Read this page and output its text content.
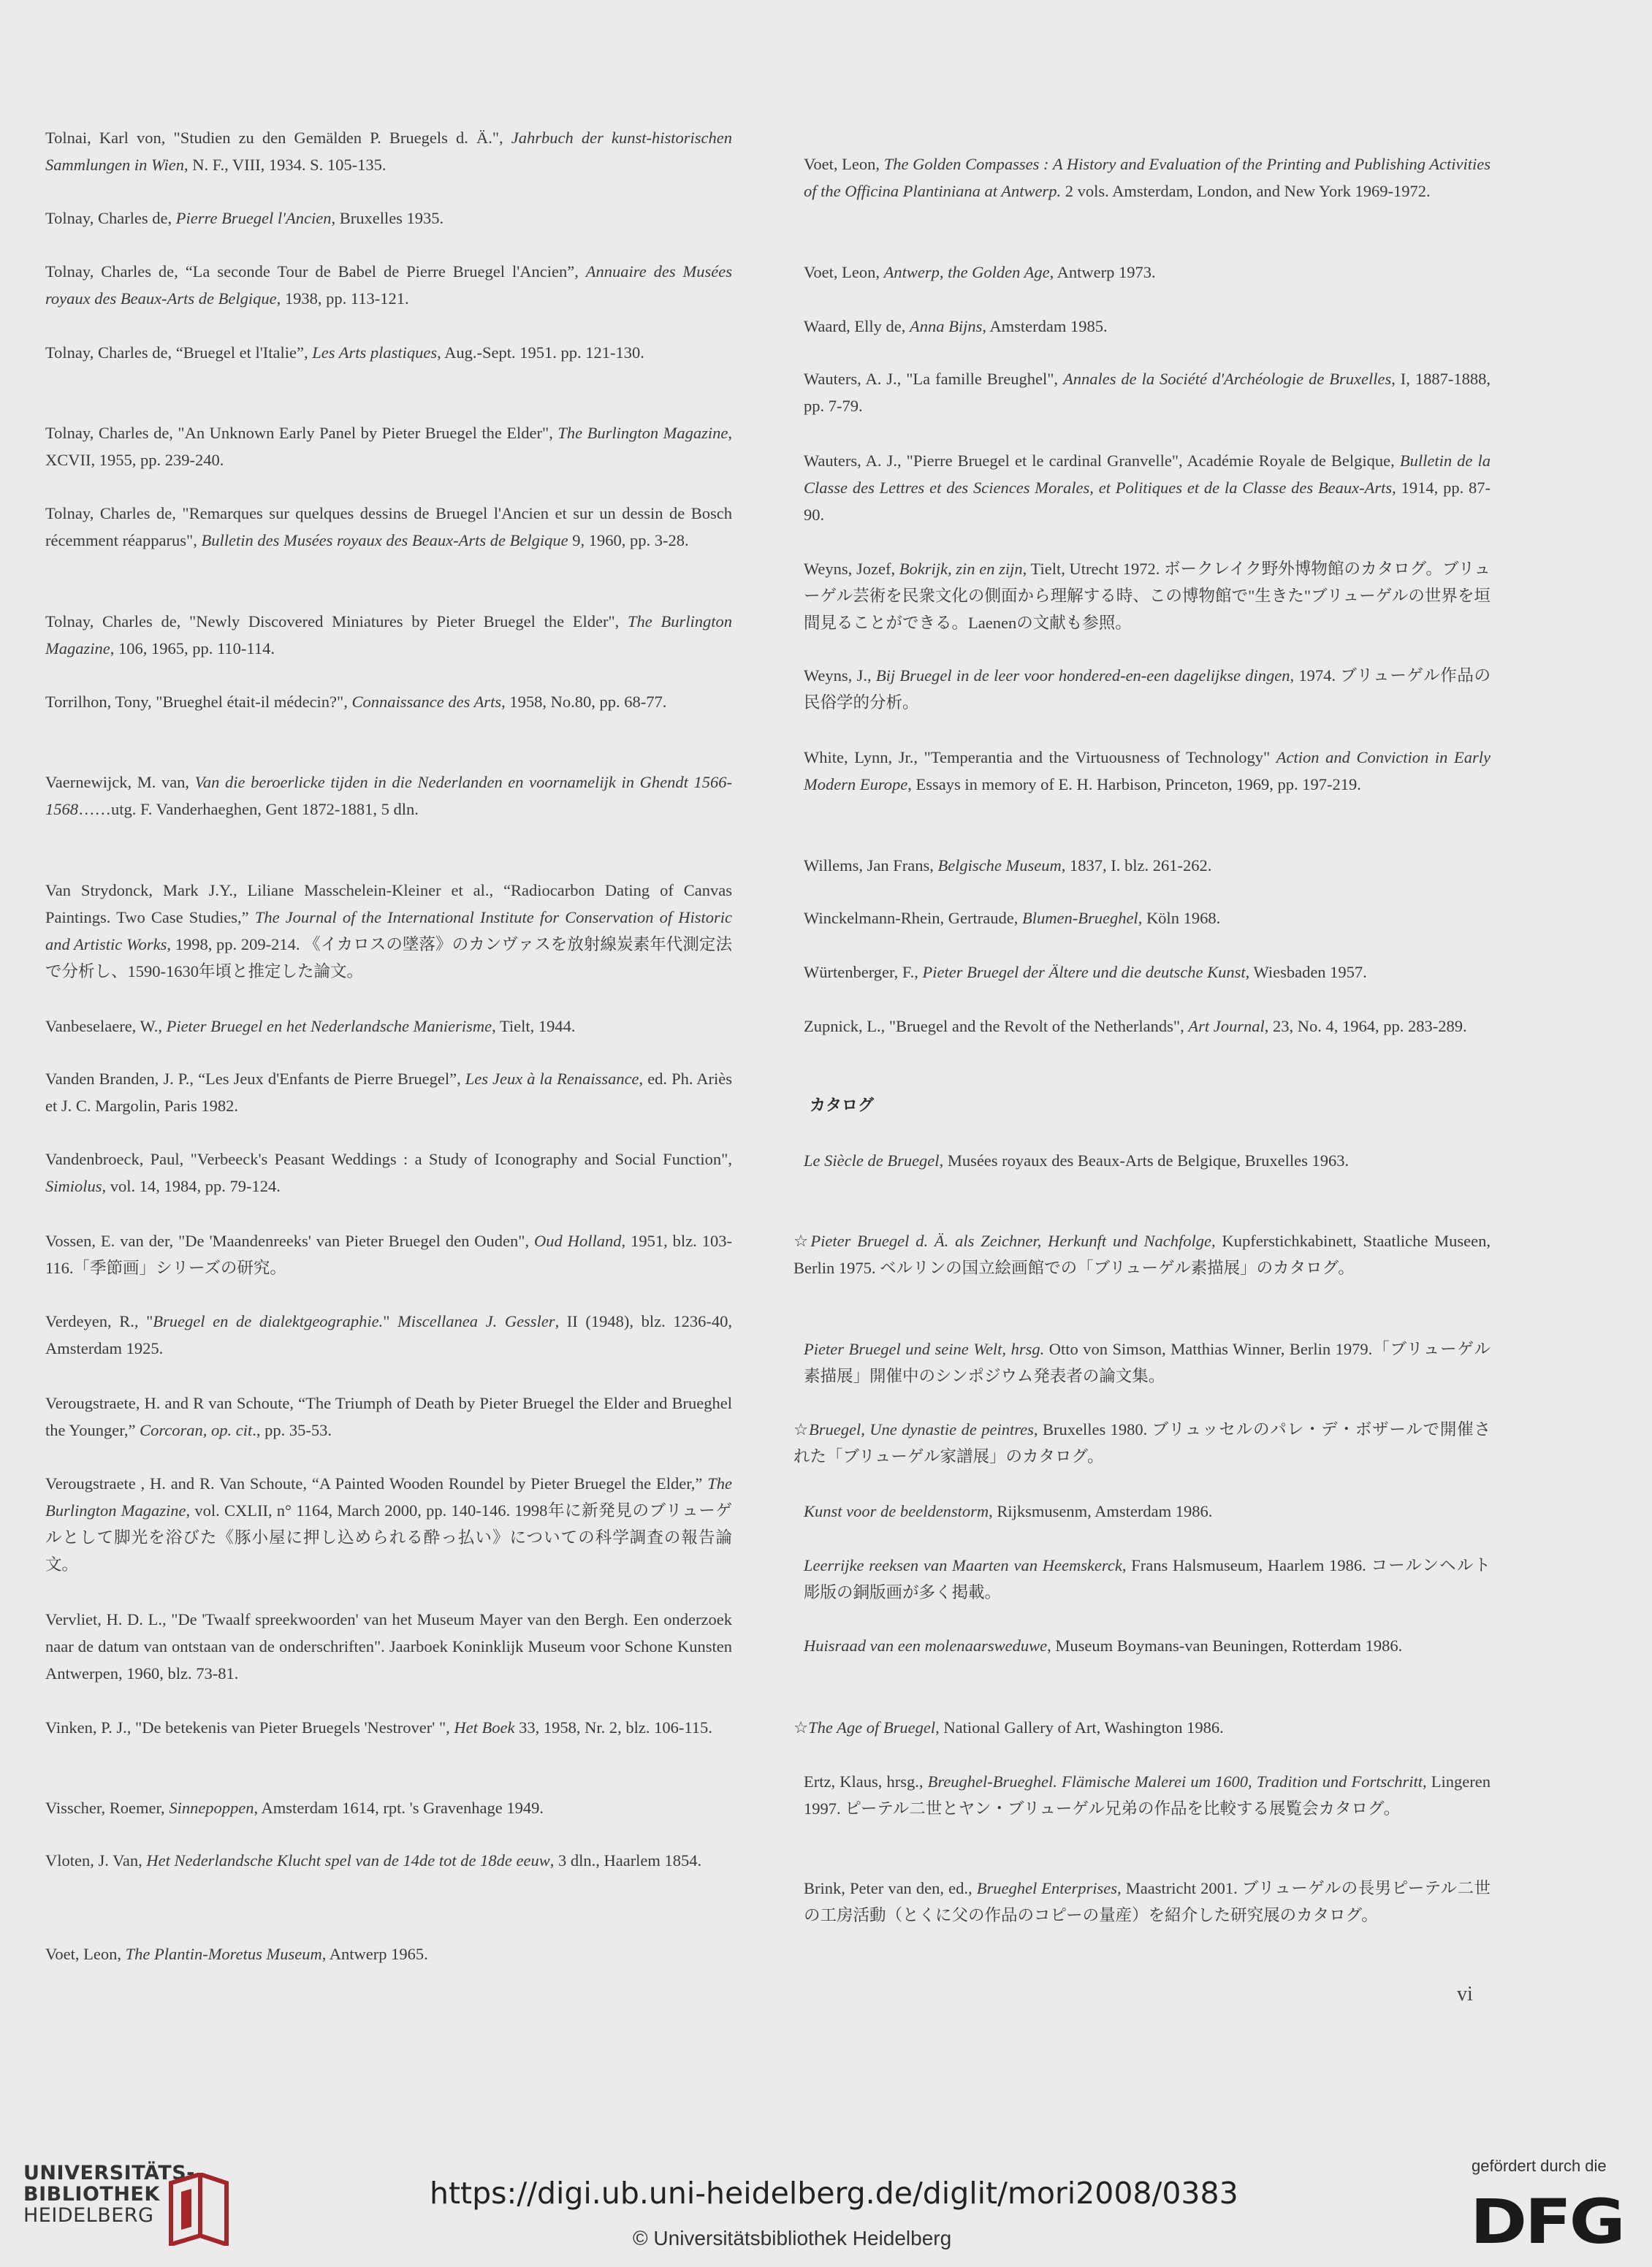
Tolnai, Karl von, "Studien zu den Gemälden P. Bruegels d. Ä.", Jahrbuch der kunst-historischen Sammlungen in Wien, N. F., VIII, 1934. S. 105-135.

Tolnay, Charles de, Pierre Bruegel l'Ancien, Bruxelles 1935.

Tolnay, Charles de, “La seconde Tour de Babel de Pierre Bruegel l'Ancien”, Annuaire des Musées royaux des Beaux-Arts de Belgique, 1938, pp. 113-121.

Tolnay, Charles de, “Bruegel et l'Italie”, Les Arts plastiques, Aug.-Sept. 1951. pp. 121-130.

Tolnay, Charles de, "An Unknown Early Panel by Pieter Bruegel the Elder", The Burlington Magazine, XCVII, 1955, pp. 239-240.

Tolnay, Charles de, "Remarques sur quelques dessins de Bruegel l'Ancien et sur un dessin de Bosch récemment réapparus", Bulletin des Musées royaux des Beaux-Arts de Belgique 9, 1960, pp. 3-28.

Tolnay, Charles de, "Newly Discovered Miniatures by Pieter Bruegel the Elder", The Burlington Magazine, 106, 1965, pp. 110-114.

Torrilhon, Tony, "Brueghel était-il médecin?", Connaissance des Arts, 1958, No.80, pp. 68-77.

Vaernewijck, M. van, Van die beroerlicke tijden in die Nederlanden en voornamelijk in Ghendt 1566-1568……utg. F. Vanderhaeghen, Gent 1872-1881, 5 dln.

Van Strydonck, Mark J.Y., Liliane Masschelein-Kleiner et al., “Radiocarbon Dating of Canvas Paintings. Two Case Studies,” The Journal of the International Institute for Conservation of Historic and Artistic Works, 1998, pp. 209-214. 《イカロスの墜落》のカンヴァスを放射線炭素年代測定法で分析し、1590-1630年頃と推定した論文。

Vanbeselaere, W., Pieter Bruegel en het Nederlandsche Manierisme, Tielt, 1944.

Vanden Branden, J. P., “Les Jeux d'Enfants de Pierre Bruegel”, Les Jeux à la Renaissance, ed. Ph. Ariès et J. C. Margolin, Paris 1982.

Vandenbroeck, Paul, "Verbeeck's Peasant Weddings : a Study of Iconography and Social Function", Simiolus, vol. 14, 1984, pp. 79-124.

Vossen, E. van der, "De 'Maandenreeks' van Pieter Bruegel den Ouden", Oud Holland, 1951, blz. 103-116.「季節画」シリーズの研究。

Verdeyen, R., "Bruegel en de dialektgeographie." Miscellanea J. Gessler, II (1948), blz. 1236-40, Amsterdam 1925.

Verougstraete, H. and R van Schoute, “The Triumph of Death by Pieter Bruegel the Elder and Brueghel the Younger,” Corcoran, op. cit., pp. 35-53.

Verougstraete , H. and R. Van Schoute, “A Painted Wooden Roundel by Pieter Bruegel the Elder,” The Burlington Magazine, vol. CXLII, n° 1164, March 2000, pp. 140-146. 1998年に新発見のブリューゲルとして脚光を浴びた《豚小屋に押し込められる酔っ払い》についての科学調査の報告論文。

Vervliet, H. D. L., "De 'Twaalf spreekwoorden' van het Museum Mayer van den Bergh. Een onderzoek naar de datum van ontstaan van de onderschriften". Jaarboek Koninklijk Museum voor Schone Kunsten Antwerpen, 1960, blz. 73-81.

Vinken, P. J., "De betekenis van Pieter Bruegels 'Nestrover' ", Het Boek 33, 1958, Nr. 2, blz. 106-115.

Visscher, Roemer, Sinnepoppen, Amsterdam 1614, rpt. 's Gravenhage 1949.

Vloten, J. Van, Het Nederlandsche Klucht spel van de 14de tot de 18de eeuw, 3 dln., Haarlem 1854.

Voet, Leon, The Plantin-Moretus Museum, Antwerp 1965.

Voet, Leon, The Golden Compasses : A History and Evaluation of the Printing and Publishing Activities of the Officina Plantiniana at Antwerp. 2 vols. Amsterdam, London, and New York 1969-1972.

Voet, Leon, Antwerp, the Golden Age, Antwerp 1973.

Waard, Elly de, Anna Bijns, Amsterdam 1985.

Wauters, A. J., "La famille Breughel", Annales de la Société d'Archéologie de Bruxelles, I, 1887-1888, pp. 7-79.

Wauters, A. J., "Pierre Bruegel et le cardinal Granvelle", Académie Royale de Belgique, Bulletin de la Classe des Lettres et des Sciences Morales, et Politiques et de la Classe des Beaux-Arts, 1914, pp. 87-90.

Weyns, Jozef, Bokrijk, zin en zijn, Tielt, Utrecht 1972. ボークレイク野外博物館のカタログ。ブリューゲル芸術を民衆文化の側面から理解する時、この博物館で"生きた"ブリューゲルの世界を垣間見ることができる。Laenenの文献も参照。

Weyns, J., Bij Bruegel in de leer voor hondered-en-een dagelijkse dingen, 1974. ブリューゲル作品の民俗学的分析。

White, Lynn, Jr., "Temperantia and the Virtuousness of Technology" Action and Conviction in Early Modern Europe, Essays in memory of E. H. Harbison, Princeton, 1969, pp. 197-219.

Willems, Jan Frans, Belgische Museum, 1837, I. blz. 261-262.

Winckelmann-Rhein, Gertraude, Blumen-Brueghel, Köln 1968.

Würtenberger, F., Pieter Bruegel der Ältere und die deutsche Kunst, Wiesbaden 1957.

Zupnick, L., "Bruegel and the Revolt of the Netherlands", Art Journal, 23, No. 4, 1964, pp. 283-289.

カタログ

Le Siècle de Bruegel, Musées royaux des Beaux-Arts de Belgique, Bruxelles 1963.

☆Pieter Bruegel d. Ä. als Zeichner, Herkunft und Nachfolge, Kupferstichkabinett, Staatliche Museen, Berlin 1975. ベルリンの国立絵画館での「ブリューゲル素描展」のカタログ。

Pieter Bruegel und seine Welt, hrsg. Otto von Simson, Matthias Winner, Berlin 1979.「ブリューゲル素描展」開催中のシンポジウム発表者の論文集。

☆Bruegel, Une dynastie de peintres, Bruxelles 1980. ブリュッセルのパレ・デ・ボザールで開催された「ブリューゲル家譜展」のカタログ。

Kunst voor de beeldenstorm, Rijksmusenm, Amsterdam 1986.

Leerrijke reeksen van Maarten van Heemskerck, Frans Halsmuseum, Haarlem 1986. コールンヘルト彫版の銅版画が多く掲載。

Huisraad van een molenaarsweduwe, Museum Boymans-van Beuningen, Rotterdam 1986.

☆The Age of Bruegel, National Gallery of Art, Washington 1986.

Ertz, Klaus, hrsg., Breughel-Brueghel. Flämische Malerei um 1600, Tradition und Fortschritt, Lingeren 1997. ピーテル二世とヤン・ブリューゲル兄弟の作品を比較する展覧会カタログ。

Brink, Peter van den, ed., Brueghel Enterprises, Maastricht 2001. ブリューゲルの長男ピーテル二世の工房活動（とくに父の作品のコピーの量産）を紹介した研究展のカタログ。

vi
UNIVERSITÄTS-
BIBLIOTHEK
HEIDELBERG
https://digi.ub.uni-heidelberg.de/diglit/mori2008/0383
© Universitätsbibliothek Heidelberg
gefördert durch die
DFG
